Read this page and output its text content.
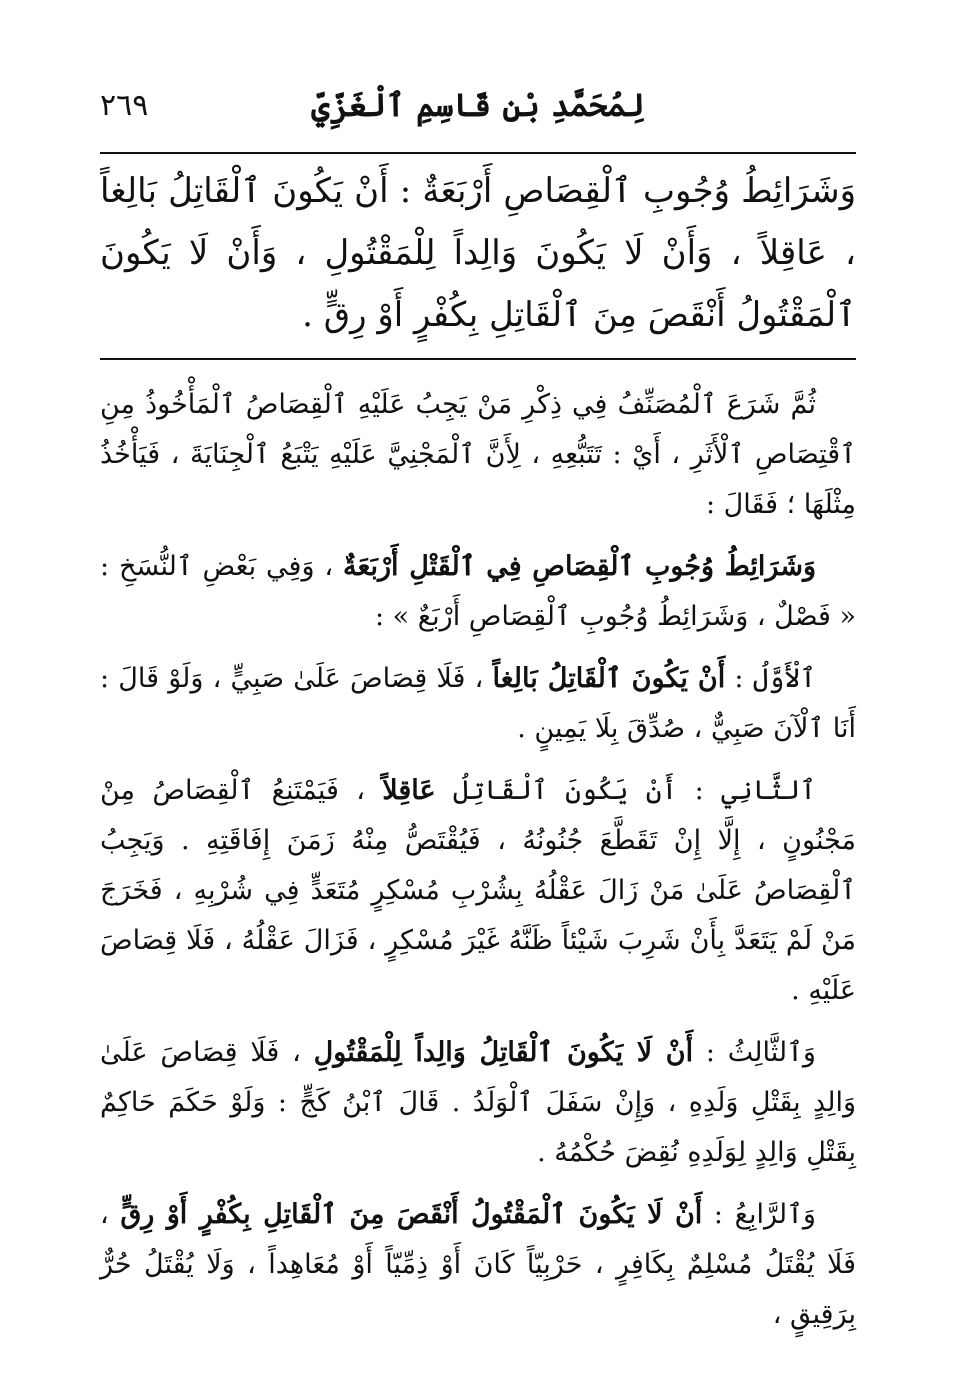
لِمُحَمَّدِ بْنِ قَاسِمِ ٱلْغَزِّيِّ
٢٦٩
وَشَرَائِطُ وُجُوبِ ٱلْقِصَاصِ أَرْبَعَةٌ : أَنْ يَكُونَ ٱلْقَاتِلُ بَالِغاً ، عَاقِلاً ، وَأَنْ لَا يَكُونَ وَالِداً لِلْمَقْتُولِ ، وَأَنْ لَا يَكُونَ ٱلْمَقْتُولُ أَنْقَصَ مِنَ ٱلْقَاتِلِ بِكُفْرٍ أَوْ رِقٍّ .

ثُمَّ شَرَعَ ٱلْمُصَنِّفُ فِي ذِكْرِ مَنْ يَجِبُ عَلَيْهِ ٱلْقِصَاصُ ٱلْمَأْخُوذُ مِنِ ٱقْتِصَاصِ ٱلْأَثَرِ ، أَيْ : تَتَبُّعِهِ ، لِأَنَّ ٱلْمَجْنِيَّ عَلَيْهِ يَتْبَعُ ٱلْجِنَايَةَ ، فَيَأْخُذُ مِثْلَهَا ؛ فَقَالَ :

وَشَرَائِطُ وُجُوبِ ٱلْقِصَاصِ فِي ٱلْقَتْلِ أَرْبَعَةٌ ، وَفِي بَعْضِ ٱلنُّسَخِ : « فَصْلٌ ، وَشَرَائِطُ وُجُوبِ ٱلْقِصَاصِ أَرْبَعٌ » :

ٱلْأَوَّلُ : أَنْ يَكُونَ ٱلْقَاتِلُ بَالِغاً ، فَلَا قِصَاصَ عَلَىٰ صَبِيٍّ ، وَلَوْ قَالَ : أَنَا ٱلْآنَ صَبِيٌّ ، صُدِّقَ بِلَا يَمِينٍ .

ٱلثَّانِي : أَنْ يَكُونَ ٱلْقَاتِلُ عَاقِلاً ، فَيَمْتَنِعُ ٱلْقِصَاصُ مِنْ مَجْنُونٍ ، إِلَّا إِنْ تَقَطَّعَ جُنُونُهُ ، فَيُقْتَصُّ مِنْهُ زَمَنَ إِفَاقَتِهِ . وَيَجِبُ ٱلْقِصَاصُ عَلَىٰ مَنْ زَالَ عَقْلُهُ بِشُرْبِ مُسْكِرٍ مُتَعَدٍّ فِي شُرْبِهِ ، فَخَرَجَ مَنْ لَمْ يَتَعَدَّ بِأَنْ شَرِبَ شَيْئاً ظَنَّهُ غَيْرَ مُسْكِرٍ ، فَزَالَ عَقْلُهُ ، فَلَا قِصَاصَ عَلَيْهِ .

وَٱلثَّالِثُ : أَنْ لَا يَكُونَ ٱلْقَاتِلُ وَالِداً لِلْمَقْتُولِ ، فَلَا قِصَاصَ عَلَىٰ وَالِدٍ بِقَتْلِ وَلَدِهِ ، وَإِنْ سَفَلَ ٱلْوَلَدُ . قَالَ ٱبْنُ كَجٍّ : وَلَوْ حَكَمَ حَاكِمٌ بِقَتْلِ وَالِدٍ لِوَلَدِهِ نُقِضَ حُكْمُهُ .

وَٱلرَّابِعُ : أَنْ لَا يَكُونَ ٱلْمَقْتُولُ أَنْقَصَ مِنَ ٱلْقَاتِلِ بِكُفْرٍ أَوْ رِقٍّ ، فَلَا يُقْتَلُ مُسْلِمٌ بِكَافِرٍ ، حَرْبِيّاً كَانَ أَوْ ذِمِّيّاً أَوْ مُعَاهِداً ، وَلَا يُقْتَلُ حُرٌّ بِرَقِيقٍ ،
